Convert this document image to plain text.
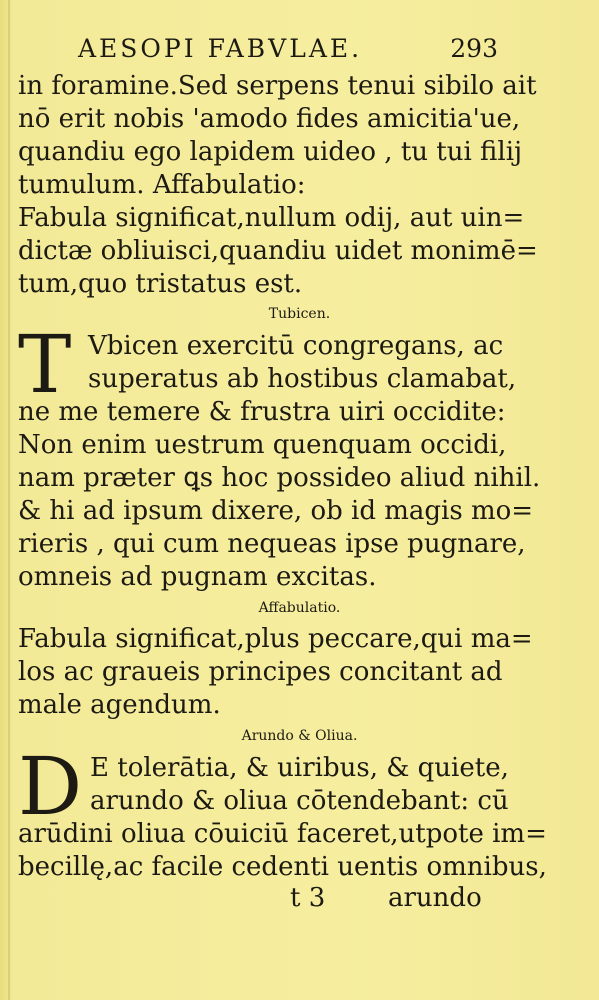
AESOPI FABVLAE.	293
in foramine.Sed serpens tenui sibilo ait
nō erit nobis 'amodo fides amicitia'ue,
quandiu ego lapidem uideo , tu tui filij
tumulum. Affabulatio:
Fabula significat,nullum odij, aut uin=
dictæ obliuisci,quandiu uidet monimē=
tum,quo tristatus est.
Tubicen.
T Vbicen exercitū congregans, ac
superatus ab hostibus clamabat,
ne me temere & frustra uiri occidite:
Non enim uestrum quenquam occidi,
nam præter ꝗs hoc possideo aliud nihil.
& hi ad ipsum dixere, ob id magis mo=
rieris , qui cum nequeas ipse pugnare,
omneis ad pugnam excitas.
Affabulatio.
Fabula significat,plus peccare,qui ma=
los ac graueis principes concitant ad
male agendum.
Arundo & Oliua.
D E tolerātia, & uiribus, & quiete,
arundo & oliua cōtendebant: cū
arūdini oliua cōuiciū faceret,utpote im=
becillę,ac facile cedenti uentis omnibus,
t 3 arundo
